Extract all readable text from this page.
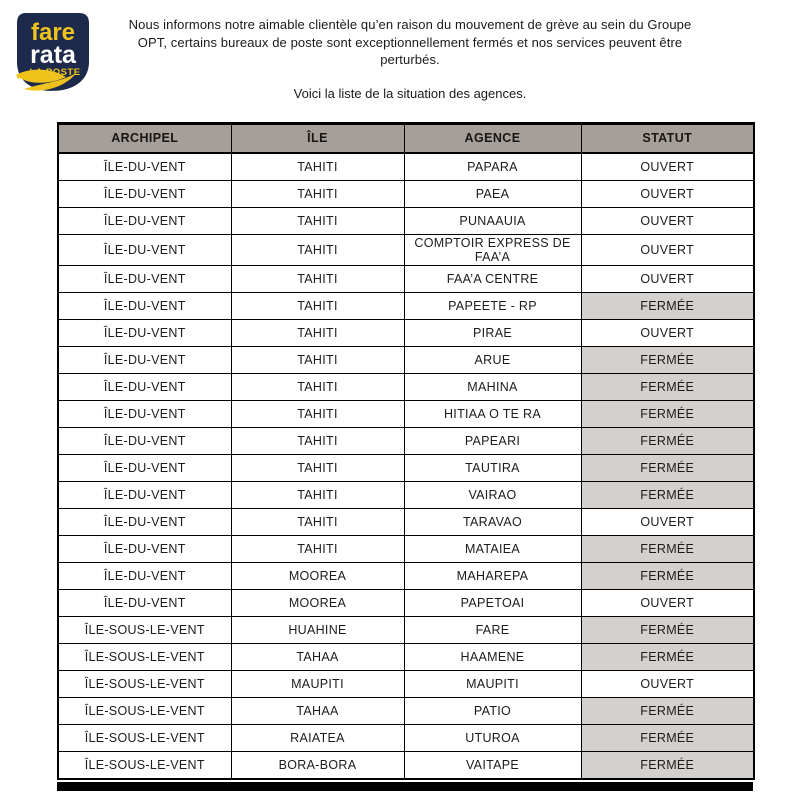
fare
rata
LA POSTE

Nous informons notre aimable clientèle qu’en raison du mouvement de grève au sein du Groupe OPT, certains bureaux de poste sont exceptionnellement fermés et nos services peuvent être perturbés.

Voici la liste de la situation des agences.

ARCHIPEL	ÎLE	AGENCE	STATUT
ÎLE-DU-VENT	TAHITI	PAPARA	OUVERT
ÎLE-DU-VENT	TAHITI	PAEA	OUVERT
ÎLE-DU-VENT	TAHITI	PUNAAUIA	OUVERT
ÎLE-DU-VENT	TAHITI	COMPTOIR EXPRESS DE FAA’A	OUVERT
ÎLE-DU-VENT	TAHITI	FAA’A CENTRE	OUVERT
ÎLE-DU-VENT	TAHITI	PAPEETE - RP	FERMÉE
ÎLE-DU-VENT	TAHITI	PIRAE	OUVERT
ÎLE-DU-VENT	TAHITI	ARUE	FERMÉE
ÎLE-DU-VENT	TAHITI	MAHINA	FERMÉE
ÎLE-DU-VENT	TAHITI	HITIAA O TE RA	FERMÉE
ÎLE-DU-VENT	TAHITI	PAPEARI	FERMÉE
ÎLE-DU-VENT	TAHITI	TAUTIRA	FERMÉE
ÎLE-DU-VENT	TAHITI	VAIRAO	FERMÉE
ÎLE-DU-VENT	TAHITI	TARAVAO	OUVERT
ÎLE-DU-VENT	TAHITI	MATAIEA	FERMÉE
ÎLE-DU-VENT	MOOREA	MAHAREPA	FERMÉE
ÎLE-DU-VENT	MOOREA	PAPETOAI	OUVERT
ÎLE-SOUS-LE-VENT	HUAHINE	FARE	FERMÉE
ÎLE-SOUS-LE-VENT	TAHAA	HAAMENE	FERMÉE
ÎLE-SOUS-LE-VENT	MAUPITI	MAUPITI	OUVERT
ÎLE-SOUS-LE-VENT	TAHAA	PATIO	FERMÉE
ÎLE-SOUS-LE-VENT	RAIATEA	UTUROA	FERMÉE
ÎLE-SOUS-LE-VENT	BORA-BORA	VAITAPE	FERMÉE
